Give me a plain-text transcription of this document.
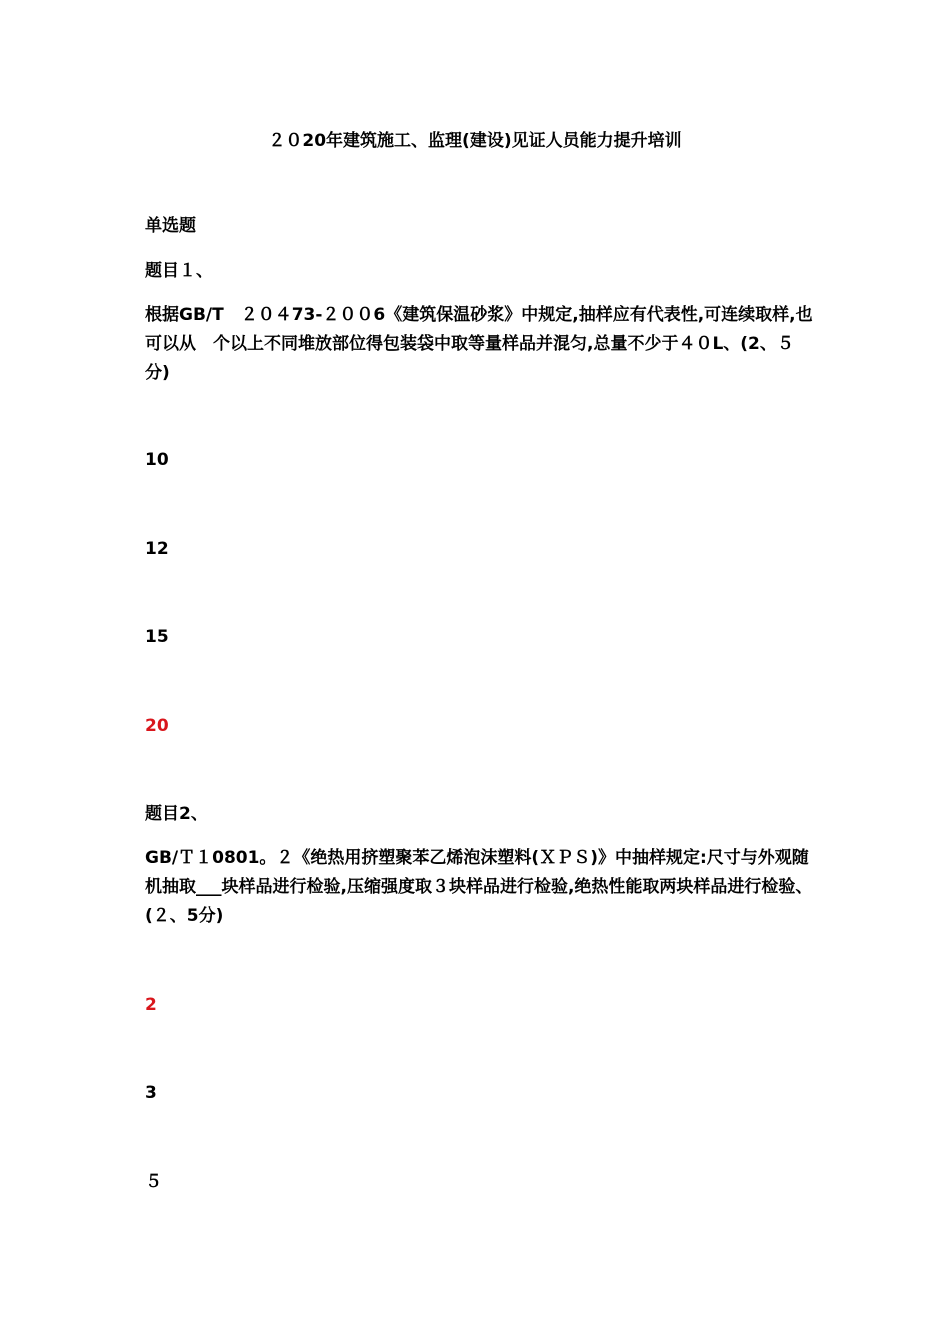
２０20年建筑施工、监理(建设)见证人员能力提升培训
单选题
题目１、
根据GB/T　２０４73-２００6《建筑保温砂浆》中规定,抽样应有代表性,可连续取样,也可以从　个以上不同堆放部位得包装袋中取等量样品并混匀,总量不少于４０L、(2、５分)
10
12
15
20
题目2、
GB/Ｔ１0801。２《绝热用挤塑聚苯乙烯泡沫塑料(ＸＰＳ)》中抽样规定:尺寸与外观随机抽取___块样品进行检验,压缩强度取３块样品进行检验,绝热性能取两块样品进行检验、(２、5分)
2
3
５
